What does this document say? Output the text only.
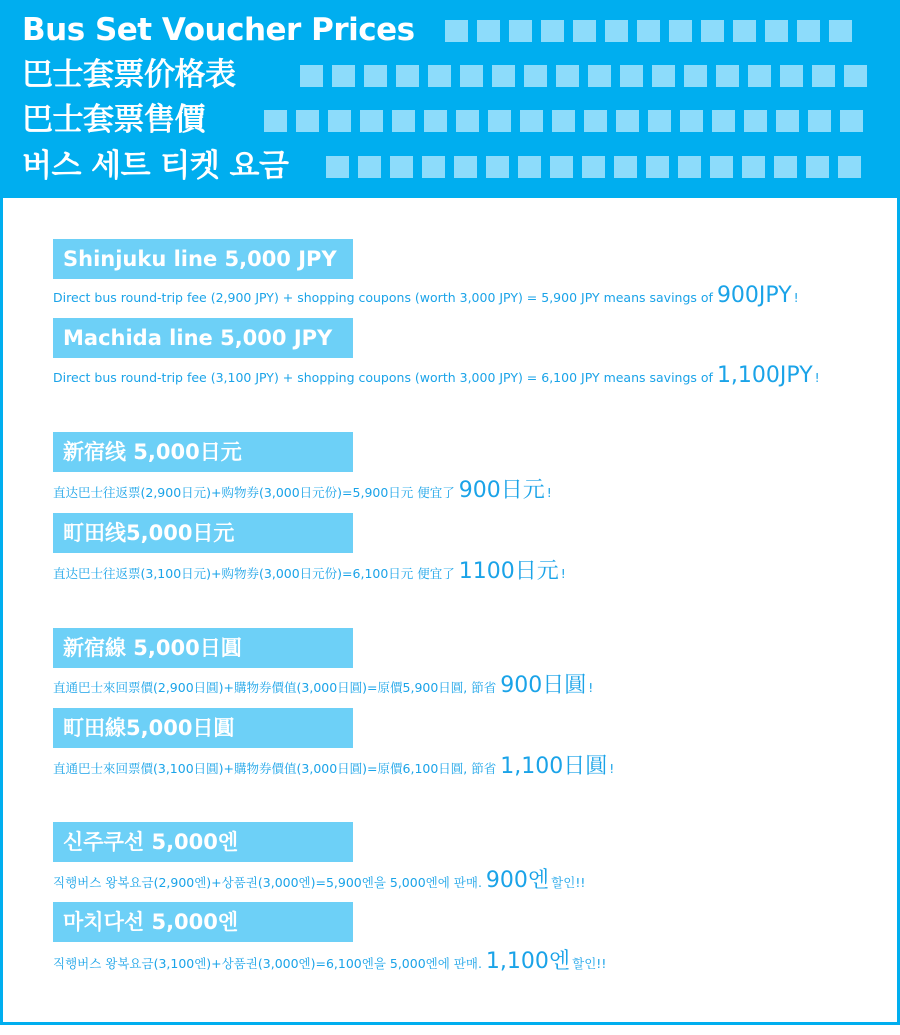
Bus Set Voucher Prices
巴士套票价格表
巴士套票售價
버스 세트 티켓 요금
Shinjuku line 5,000 JPY
Direct bus round-trip fee (2,900 JPY) + shopping coupons (worth 3,000 JPY) = 5,900 JPY means savings of 900JPY !
Machida line 5,000 JPY
Direct bus round-trip fee (3,100 JPY) + shopping coupons (worth 3,000 JPY) = 6,100 JPY means savings of 1,100JPY !
新宿线 5,000日元
直达巴士往返票(2,900日元)+购物券(3,000日元份)=5,900日元 便宜了 900日元 !
町田线5,000日元
直达巴士往返票(3,100日元)+购物券(3,000日元份)=6,100日元 便宜了 1100日元 !
新宿線 5,000日圓
直通巴士來回票價(2,900日圓)+購物券價值(3,000日圓)=原價5,900日圓, 節省 900日圓 !
町田線5,000日圓
直通巴士來回票價(3,100日圓)+購物券價值(3,000日圓)=原價6,100日圓, 節省 1,100日圓 !
신주쿠선 5,000엔
직행버스 왕복요금(2,900엔)+상품권(3,000엔)=5,900엔을 5,000엔에 판매. 900엔 할인!!
마치다선 5,000엔
직행버스 왕복요금(3,100엔)+상품권(3,000엔)=6,100엔을 5,000엔에 판매. 1,100엔 할인!!
